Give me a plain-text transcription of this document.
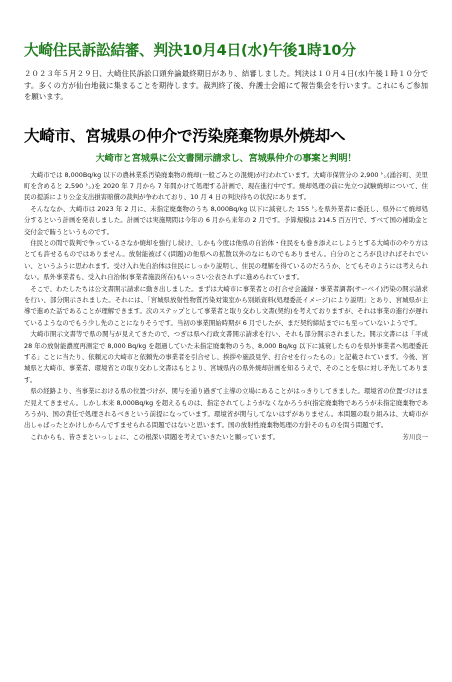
大崎住民訴訟結審、判決10月4日(水)午後1時10分

２０２３年５月２９日、大崎住民訴訟口頭弁論最終期日があり、結審しました。判決は１０月４日(水)午後１時１０分です。多くの方が仙台地裁に集まることを期待します。裁判終了後、弁護士会館にて報告集会を行います。これにもご参加を願います。

大崎市、宮城県の仲介で汚染廃棄物県外焼却へ
大崎市と宮城県に公文書開示請求し、宮城県仲介の事案と判明！

大崎市では 8,000Bq/kg 以下の農林業系汚染廃棄物の焼却(一般ごみとの混焼)が行われています。大崎市保管分の 2,900 ㌧(涌谷町、美里町を含めると 2,590 ㌧)を 2020 年 7 月から 7 年間かけて処理する計画で、現在進行中です。焼却処理の前に先立つ試験焼却について、住民の提訴により公金支出損害賠償の裁判が争われており、10 月 4 日の判決待ちの状況にあります。

そんななか、大崎市は 2023 年 2 月に、未指定廃棄物のうち 8,000Bq/kg 以下に減衰した 155 ㌧を県外業者に委託し、県外にて焼却処分するという計画を発表しました。計画では実施期間は今年の 6 月から来年の 2 月です。予算規模は 214.5 百万円で、すべて国の補助金と交付金で賄うというものです。

住民との間で裁判で争っているさなか焼却を強行し続け、しかも今度は他県の自治体・住民をも巻き添えにしようとする大崎市のやり方はとても許せるものではありません。放射能被ばく(問題)の他県への拡散以外のなにものでもありません。自分のところが良ければそれでいい、というふうに思われます。受け入れ先自治体は住民にしっかり説明し、住民の理解を得ているのだろうか、とてもそのようには考えられない。県外事業者も、受入れ自治体(事業者施設所在)もいっさい公表されずに進められています。

そこで、わたしたちは公文書開示請求に動き出しました。まずは大崎市に事業者との打合せ会議録・事業者調書(サーベイ)汚染の開示請求を行い、部分開示されました。それには、「宮城県放射性物質汚染対策室から別紙資料(処理委託イメージ)により説明」とあり、宮城県が主導で進めた話であることが理解できます。次のステップとして事業者と取り交わし文書(契約)を考えておりますが、それは事業の進行が遅れているようなのでもう少し先のことになりそうです。当初の事業開始時期が 6 月でしたが、まだ契約締結までにも至っていないようです。

大崎市開示文書等で県の関与が見えてきたので、つぎは県へ行政文書開示請求を行い、それも部分開示されました。開示文書には「平成 28 年の放射能濃度再測定で 8,000 Bq/kg を超過していた未指定廃棄物のうち、8,000 Bq/kg 以下に減衰したものを県外事業者へ処理委託する」ことに当たり、依頼元の大崎市と依頼先の事業者を引合せし、挨拶や施設見学、打合せを行ったもの」と記載されています。今後、宮城県と大崎市、事業者、環境省との取り交わし文書はもとより、宮城県内の県外焼却計画を知るうえで、そのことを県に対し矛先してあります。

県の経路より、当事業における県の位置づけが、関与を通り過ぎて主導の立場にあることがはっきりしてきました。環境省の位置づけはまだ見えてきません。しかし本来 8,000Bq/kg を超えるものは、指定されてしようがなくなかろうが(指定廃棄物であろうが未指定廃棄物であろうが)、国の責任で処理されるべきという前提になっています。環境省が関与してないはずがありません。本問題の取り組みは、大崎市が出しゃばったとかけしからんですませられる問題ではないと思います。国の放射性廃棄物処理の方針そのものを問う問題です。

これからも、皆さまといっしょに、この根深い問題を考えていきたいと願っています。	芳川良一
